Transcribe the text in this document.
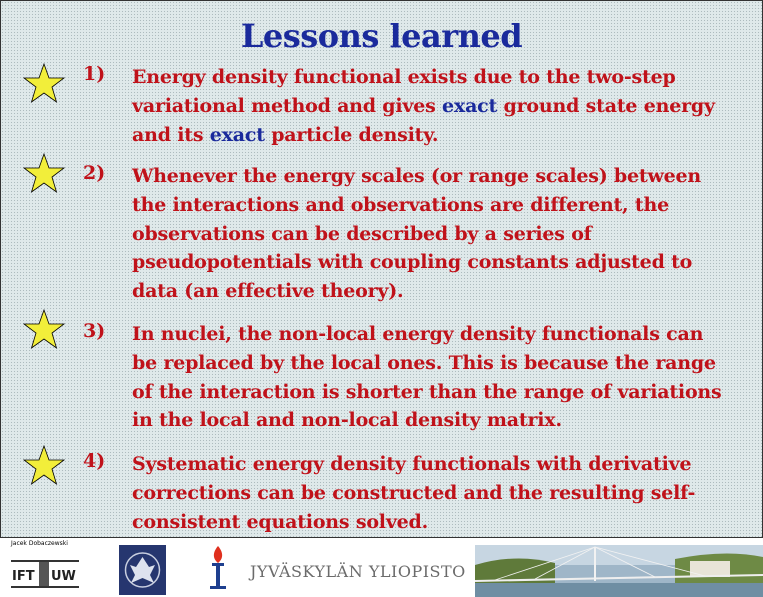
Lessons learned
1) Energy density functional exists due to the two-step variational method and gives exact ground state energy and its exact particle density.
2) Whenever the energy scales (or range scales) between the interactions and observations are different, the observations can be described by a series of pseudopotentials with coupling constants adjusted to data (an effective theory).
3) In nuclei, the non-local energy density functionals can be replaced by the local ones. This is because the range of the interaction is shorter than the range of variations in the local and non-local density matrix.
4) Systematic energy density functionals with derivative corrections can be constructed and the resulting self-consistent equations solved.
Jacek Dobaczewski
IFT UW	JYVÄSKYLÄN YLIOPISTO
